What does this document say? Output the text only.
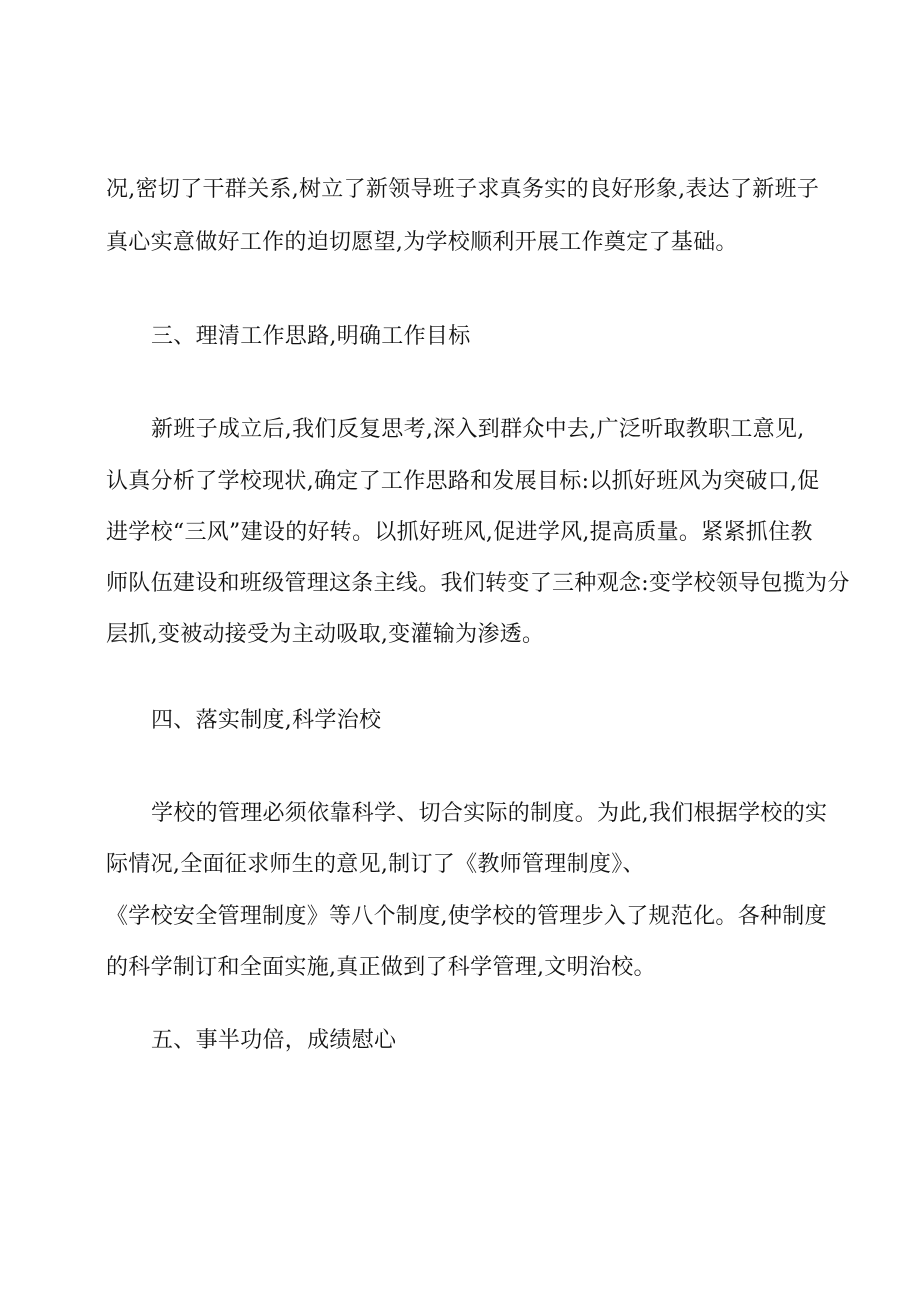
况,密切了干群关系,树立了新领导班子求真务实的良好形象,表达了新班子
真心实意做好工作的迫切愿望,为学校顺利开展工作奠定了基础。
三、理清工作思路,明确工作目标
新班子成立后,我们反复思考,深入到群众中去,广泛听取教职工意见,
认真分析了学校现状,确定了工作思路和发展目标:以抓好班风为突破口,促
进学校“三风”建设的好转。以抓好班风,促进学风,提高质量。紧紧抓住教
师队伍建设和班级管理这条主线。我们转变了三种观念:变学校领导包揽为分
层抓,变被动接受为主动吸取,变灌输为渗透。
四、落实制度,科学治校
学校的管理必须依靠科学、切合实际的制度。为此,我们根据学校的实
际情况,全面征求师生的意见,制订了《教师管理制度》、
《学校安全管理制度》等八个制度,使学校的管理步入了规范化。各种制度
的科学制订和全面实施,真正做到了科学管理,文明治校。
五、事半功倍，成绩慰心
